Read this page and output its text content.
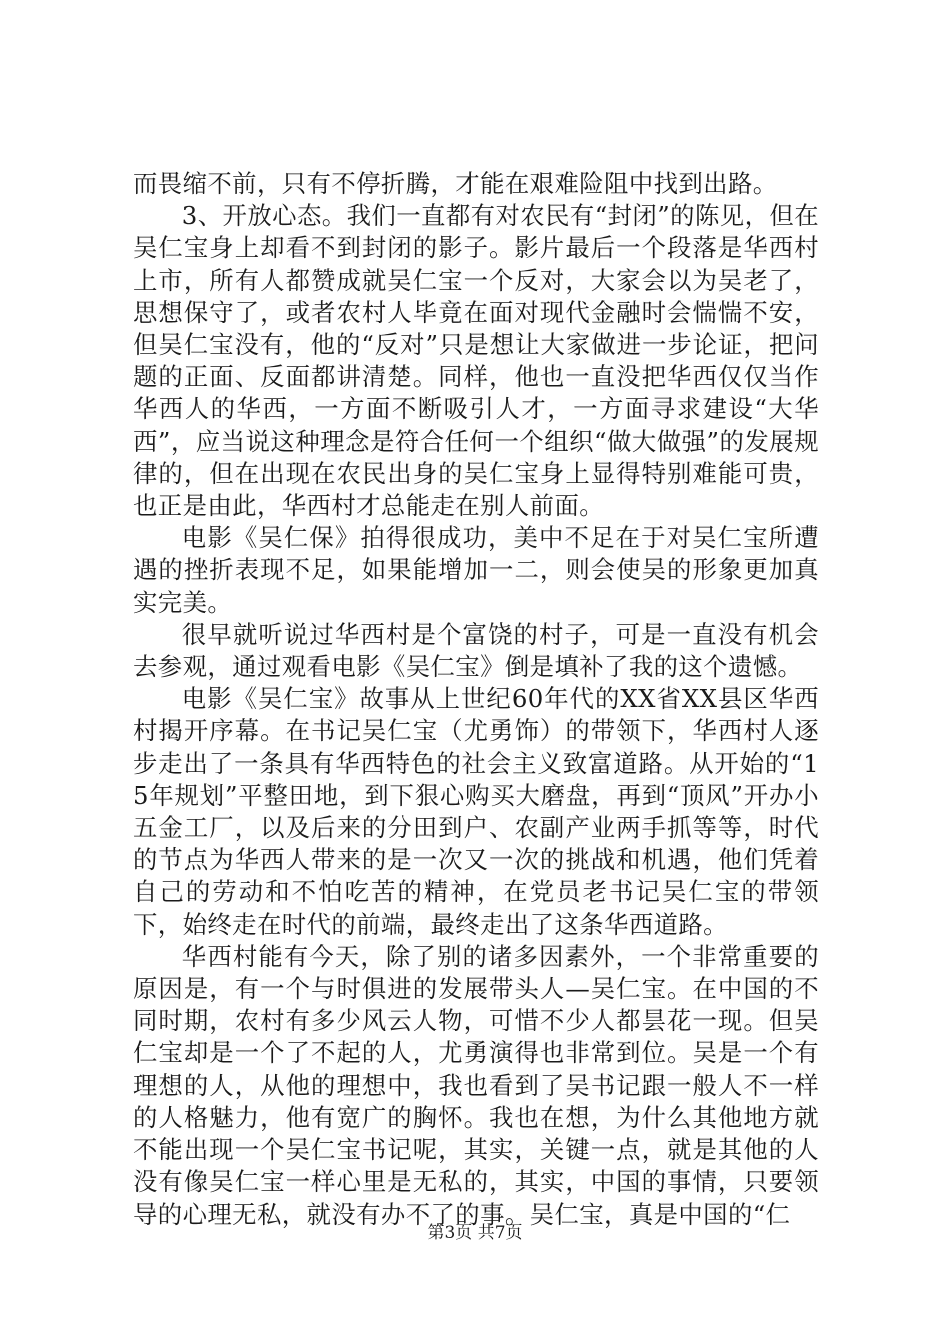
而畏缩不前，只有不停折腾，才能在艰难险阻中找到出路。

3、开放心态。我们一直都有对农民有“封闭”的陈见，但在吴仁宝身上却看不到封闭的影子。影片最后一个段落是华西村上市，所有人都赞成就吴仁宝一个反对，大家会以为吴老了，思想保守了，或者农村人毕竟在面对现代金融时会惴惴不安，但吴仁宝没有，他的“反对”只是想让大家做进一步论证，把问题的正面、反面都讲清楚。同样，他也一直没把华西仅仅当作华西人的华西，一方面不断吸引人才，一方面寻求建设“大华西”，应当说这种理念是符合任何一个组织“做大做强”的发展规律的，但在出现在农民出身的吴仁宝身上显得特别难能可贵，也正是由此，华西村才总能走在别人前面。

电影《吴仁保》拍得很成功，美中不足在于对吴仁宝所遭遇的挫折表现不足，如果能增加一二，则会使吴的形象更加真实完美。

很早就听说过华西村是个富饶的村子，可是一直没有机会去参观，通过观看电影《吴仁宝》倒是填补了我的这个遗憾。

电影《吴仁宝》故事从上世纪60年代的XX省XX县区华西村揭开序幕。在书记吴仁宝（尤勇饰）的带领下，华西村人逐步走出了一条具有华西特色的社会主义致富道路。从开始的“15年规划”平整田地，到下狠心购买大磨盘，再到“顶风”开办小五金工厂，以及后来的分田到户、农副产业两手抓等等，时代的节点为华西人带来的是一次又一次的挑战和机遇，他们凭着自己的劳动和不怕吃苦的精神，在党员老书记吴仁宝的带领下，始终走在时代的前端，最终走出了这条华西道路。

华西村能有今天，除了别的诸多因素外，一个非常重要的原因是，有一个与时俱进的发展带头人—吴仁宝。在中国的不同时期，农村有多少风云人物，可惜不少人都昙花一现。但吴仁宝却是一个了不起的人，尤勇演得也非常到位。吴是一个有理想的人，从他的理想中，我也看到了吴书记跟一般人不一样的人格魅力，他有宽广的胸怀。我也在想，为什么其他地方就不能出现一个吴仁宝书记呢，其实，关键一点，就是其他的人没有像吴仁宝一样心里是无私的，其实，中国的事情，只要领导的心理无私，就没有办不了的事。吴仁宝，真是中国的“仁

第3页 共7页
